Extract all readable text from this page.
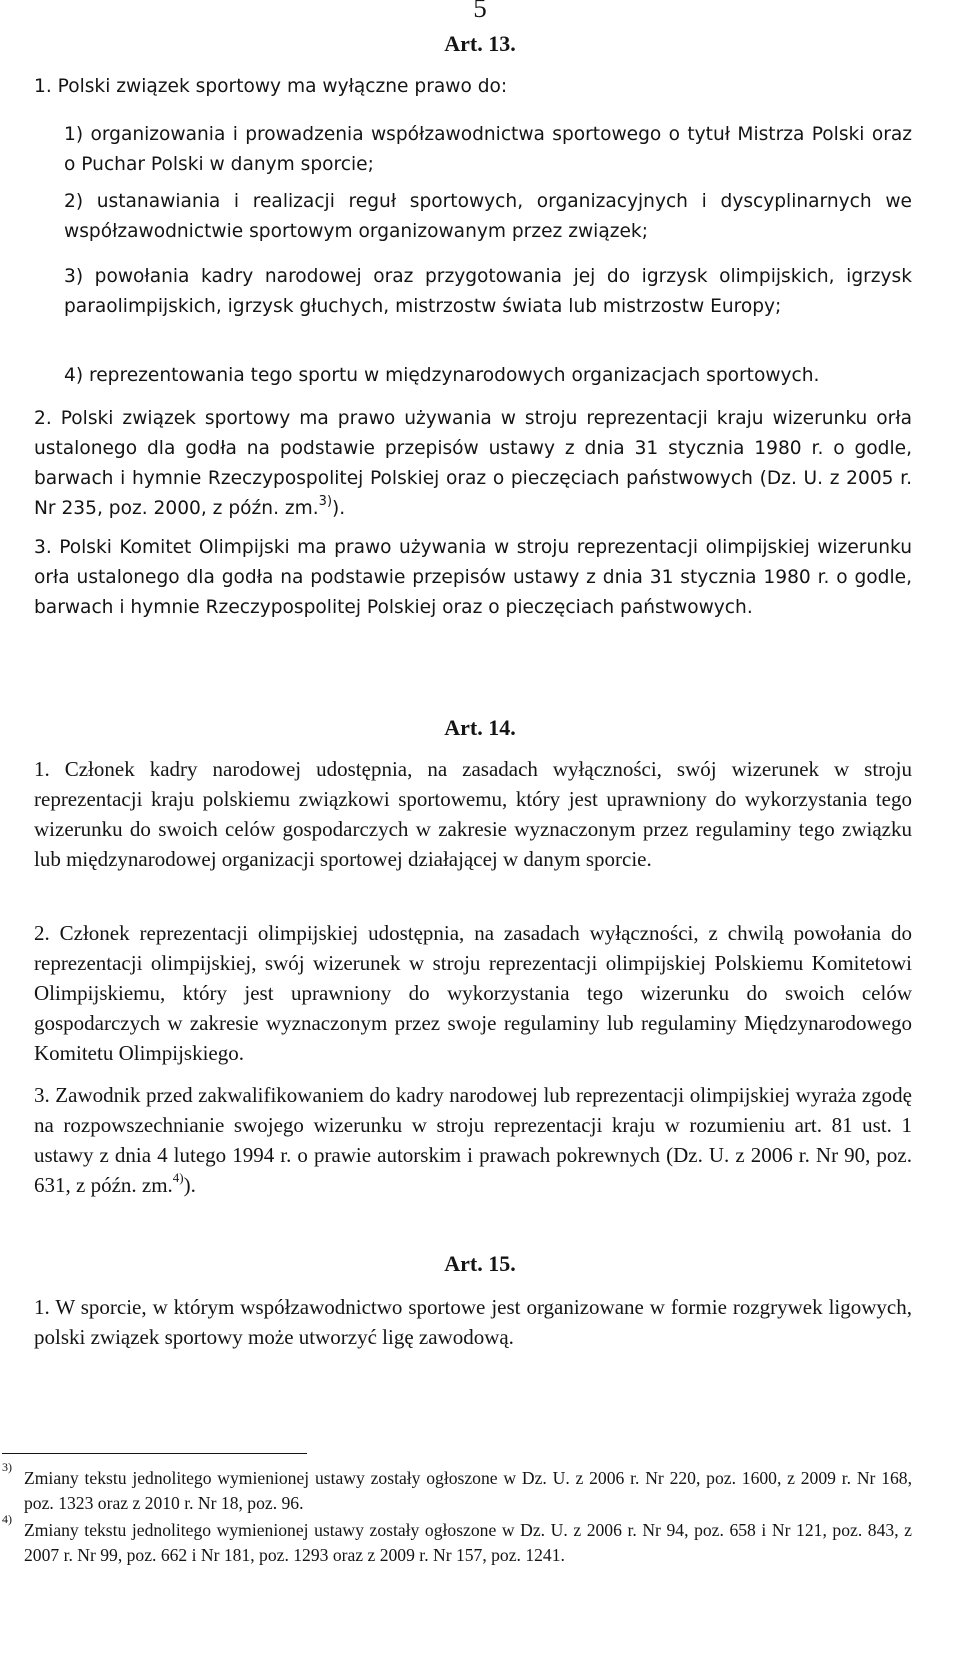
5
Art. 13.
1. Polski związek sportowy ma wyłączne prawo do:
1) organizowania i prowadzenia współzawodnictwa sportowego o tytuł Mistrza Polski oraz o Puchar Polski w danym sporcie;
2) ustanawiania i realizacji reguł sportowych, organizacyjnych i dyscyplinarnych we współzawodnictwie sportowym organizowanym przez związek;
3) powołania kadry narodowej oraz przygotowania jej do igrzysk olimpijskich, igrzysk paraolimpijskich, igrzysk głuchych, mistrzostw świata lub mistrzostw Europy;
4) reprezentowania tego sportu w międzynarodowych organizacjach sportowych.
2. Polski związek sportowy ma prawo używania w stroju reprezentacji kraju wizerunku orła ustalonego dla godła na podstawie przepisów ustawy z dnia 31 stycznia 1980 r. o godle, barwach i hymnie Rzeczypospolitej Polskiej oraz o pieczęciach państwowych (Dz. U. z 2005 r. Nr 235, poz. 2000, z późn. zm.$^{3)}$).
3. Polski Komitet Olimpijski ma prawo używania w stroju reprezentacji olimpijskiej wizerunku orła ustalonego dla godła na podstawie przepisów ustawy z dnia 31 stycznia 1980 r. o godle, barwach i hymnie Rzeczypospolitej Polskiej oraz o pieczęciach państwowych.
Art. 14.
1. Członek kadry narodowej udostępnia, na zasadach wyłączności, swój wizerunek w stroju reprezentacji kraju polskiemu związkowi sportowemu, który jest uprawniony do wykorzystania tego wizerunku do swoich celów gospodarczych w zakresie wyznaczonym przez regulaminy tego związku lub międzynarodowej organizacji sportowej działającej w danym sporcie.
2. Członek reprezentacji olimpijskiej udostępnia, na zasadach wyłączności, z chwilą powołania do reprezentacji olimpijskiej, swój wizerunek w stroju reprezentacji olimpijskiej Polskiemu Komitetowi Olimpijskiemu, który jest uprawniony do wykorzystania tego wizerunku do swoich celów gospodarczych w zakresie wyznaczonym przez swoje regulaminy lub regulaminy Międzynarodowego Komitetu Olimpijskiego.
3. Zawodnik przed zakwalifikowaniem do kadry narodowej lub reprezentacji olimpijskiej wyraża zgodę na rozpowszechnianie swojego wizerunku w stroju reprezentacji kraju w rozumieniu art. 81 ust. 1 ustawy z dnia 4 lutego 1994 r. o prawie autorskim i prawach pokrewnych (Dz. U. z 2006 r. Nr 90, poz. 631, z późn. zm.$^{4)}$).
Art. 15.
1. W sporcie, w którym współzawodnictwo sportowe jest organizowane w formie rozgrywek ligowych, polski związek sportowy może utworzyć ligę zawodową.
3)
Zmiany tekstu jednolitego wymienionej ustawy zostały ogłoszone w Dz. U. z 2006 r. Nr 220, poz. 1600, z 2009 r. Nr 168, poz. 1323 oraz z 2010 r. Nr 18, poz. 96.
4)
Zmiany tekstu jednolitego wymienionej ustawy zostały ogłoszone w Dz. U. z 2006 r. Nr 94, poz. 658 i Nr 121, poz. 843, z 2007 r. Nr 99, poz. 662 i Nr 181, poz. 1293 oraz z 2009 r. Nr 157, poz. 1241.
